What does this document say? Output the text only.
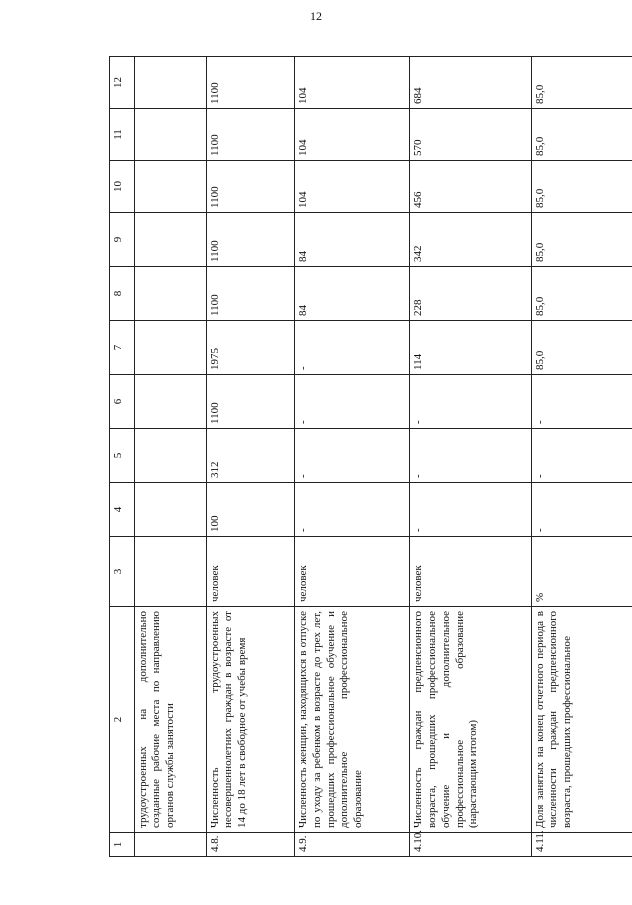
12
1	2	3	4	5	6	7	8	9	10	11	12
	трудоустроенных на дополнительно созданные рабочие места по направлению органов службы занятости										
4.8.	Численность трудоустроенных несовершеннолетних граждан в возрасте от 14 до 18 лет в свободное от учебы время	человек	100	312	1100	1975	1100	1100	1100	1100	1100
4.9.	Численность женщин, находящихся в отпуске по уходу за ребенком в возрасте до трех лет, прошедших профессиональное обучение и дополнительное профессиональное образование	человек	-	-	-	-	84	84	104	104	104
4.10.	Численность граждан предпенсионного возраста, прошедших профессиональное обучение и дополнительное профессиональное образование (нарастающим итогом)	человек	-	-	-	114	228	342	456	570	684
4.11.	Доля занятых на конец отчетного периода в численности граждан предпенсионного возраста, прошедших профессиональное	%	-	-	-	85,0	85,0	85,0	85,0	85,0	85,0
